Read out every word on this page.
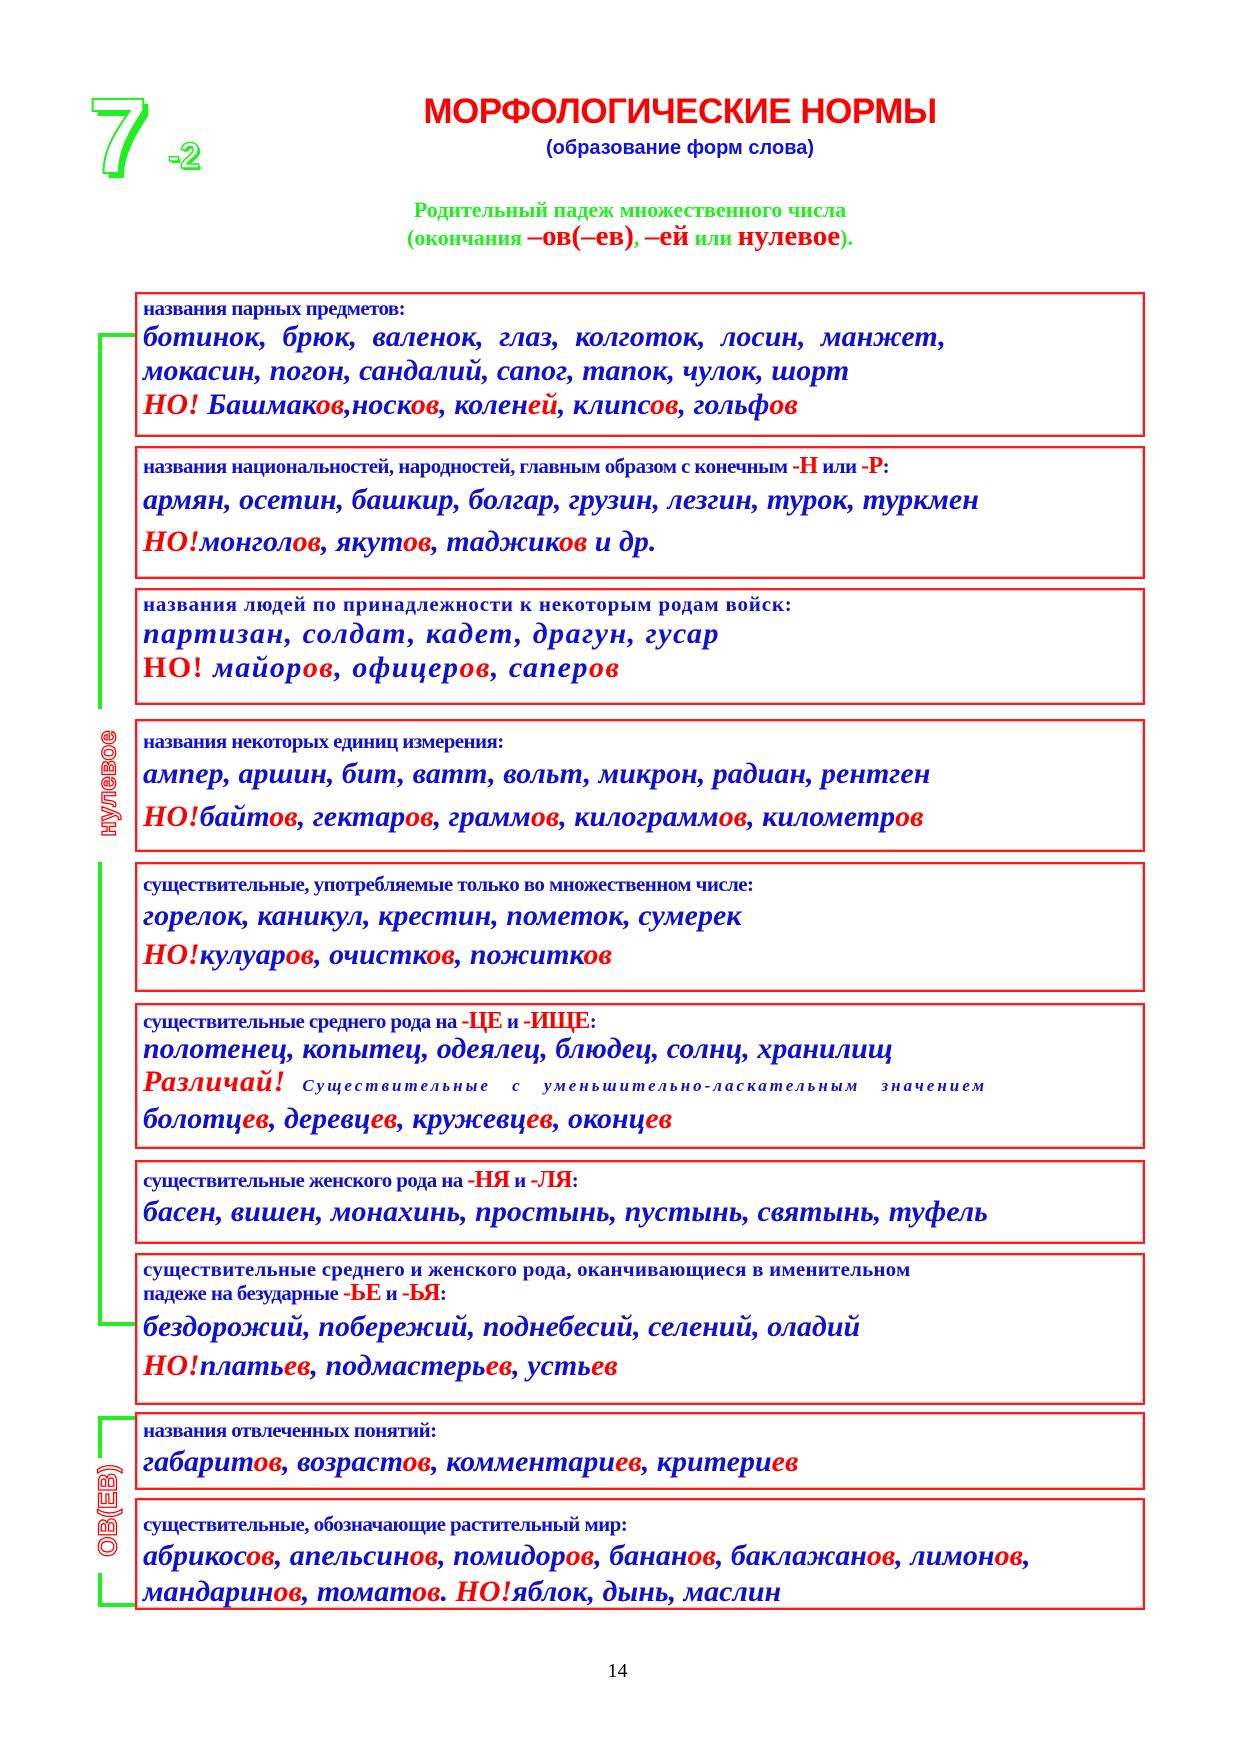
7 -2
МОРФОЛОГИЧЕСКИЕ НОРМЫ
(образование форм слова)
Родительный падеж множественного числа
(окончания –ов(–ев), –ей или нулевое).
нулевое
ОВ(ЕВ)
названия парных предметов:
ботинок, брюк, валенок, глаз, колготок, лосин, манжет,
мокасин, погон, сандалий, сапог, тапок, чулок, шорт
НО! Башмаков,носков, коленей, клипсов, гольфов
названия национальностей, народностей, главным образом с конечным -Н или -Р:
армян, осетин, башкир, болгар, грузин, лезгин, турок, туркмен
НО!монголов, якутов, таджиков и др.
названия людей по принадлежности к некоторым родам войск:
партизан, солдат, кадет, драгун, гусар
НО! майоров, офицеров, саперов
названия некоторых единиц измерения:
ампер, аршин, бит, ватт, вольт, микрон, радиан, рентген
НО!байтов, гектаров, граммов, килограммов, километров
существительные, употребляемые только во множественном числе:
горелок, каникул, крестин, пометок, сумерек
НО!кулуаров, очистков, пожитков
существительные среднего рода на -ЦЕ и -ИЩЕ:
полотенец, копытец, одеялец, блюдец, солнц, хранилищ
Различай! Существительные с уменьшительно-ласкательным значением
болотцев, деревцев, кружевцев, оконцев
существительные женского рода на -НЯ и -ЛЯ:
басен, вишен, монахинь, простынь, пустынь, святынь, туфель
существительные среднего и женского рода, оканчивающиеся в именительном
падеже на безударные -ЬЕ и -ЬЯ:
бездорожий, побережий, поднебесий, селений, оладий
НО!платьев, подмастерьев, устьев
названия отвлеченных понятий:
габаритов, возрастов, комментариев, критериев
существительные, обозначающие растительный мир:
абрикосов, апельсинов, помидоров, бананов, баклажанов, лимонов,
мандаринов, томатов. НО!яблок, дынь, маслин
14
